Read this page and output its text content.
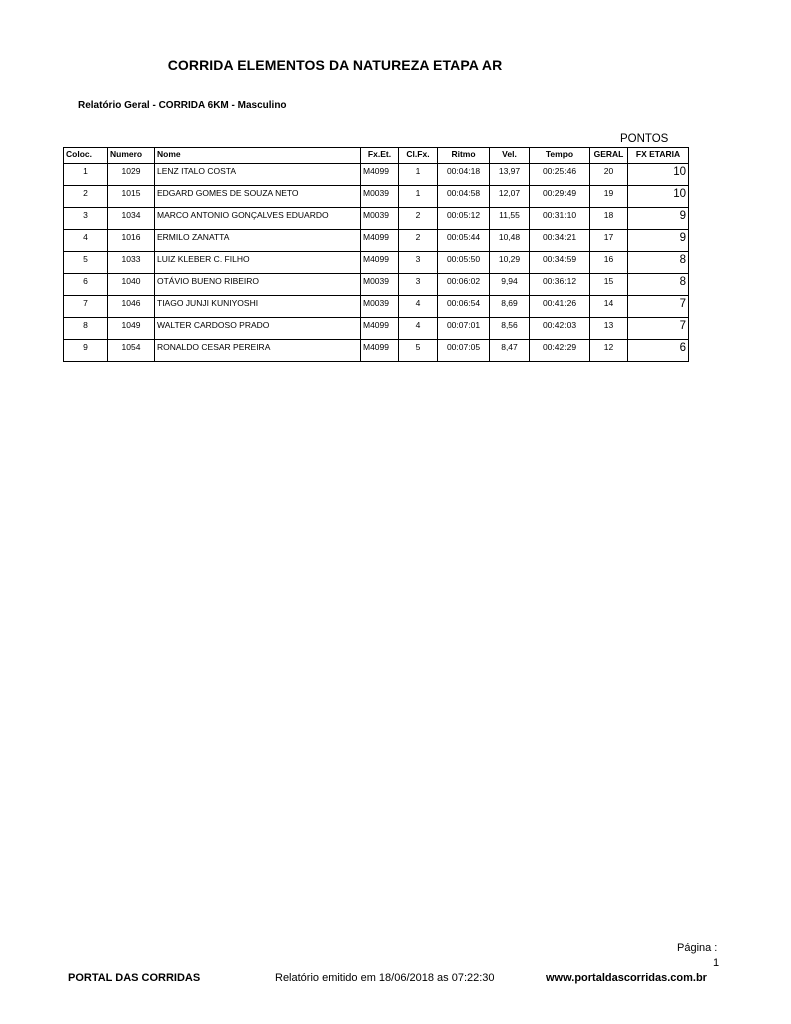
CORRIDA ELEMENTOS DA NATUREZA ETAPA AR
Relatório Geral - CORRIDA 6KM - Masculino
PONTOS
Coloc.	Numero	Nome	Fx.Et.	Cl.Fx.	Ritmo	Vel.	Tempo	GERAL	FX ETARIA
1	1029	LENZ ITALO COSTA	M4099	1	00:04:18	13,97	00:25:46	20	10
2	1015	EDGARD GOMES DE SOUZA NETO	M0039	1	00:04:58	12,07	00:29:49	19	10
3	1034	MARCO ANTONIO GONÇALVES EDUARDO	M0039	2	00:05:12	11,55	00:31:10	18	9
4	1016	ERMILO ZANATTA	M4099	2	00:05:44	10,48	00:34:21	17	9
5	1033	LUIZ KLEBER C. FILHO	M4099	3	00:05:50	10,29	00:34:59	16	8
6	1040	OTÁVIO BUENO RIBEIRO	M0039	3	00:06:02	9,94	00:36:12	15	8
7	1046	TIAGO JUNJI KUNIYOSHI	M0039	4	00:06:54	8,69	00:41:26	14	7
8	1049	WALTER CARDOSO PRADO	M4099	4	00:07:01	8,56	00:42:03	13	7
9	1054	RONALDO CESAR PEREIRA	M4099	5	00:07:05	8,47	00:42:29	12	6
Página :
1
PORTAL DAS CORRIDAS	Relatório emitido em 18/06/2018 as 07:22:30	www.portaldascorridas.com.br
